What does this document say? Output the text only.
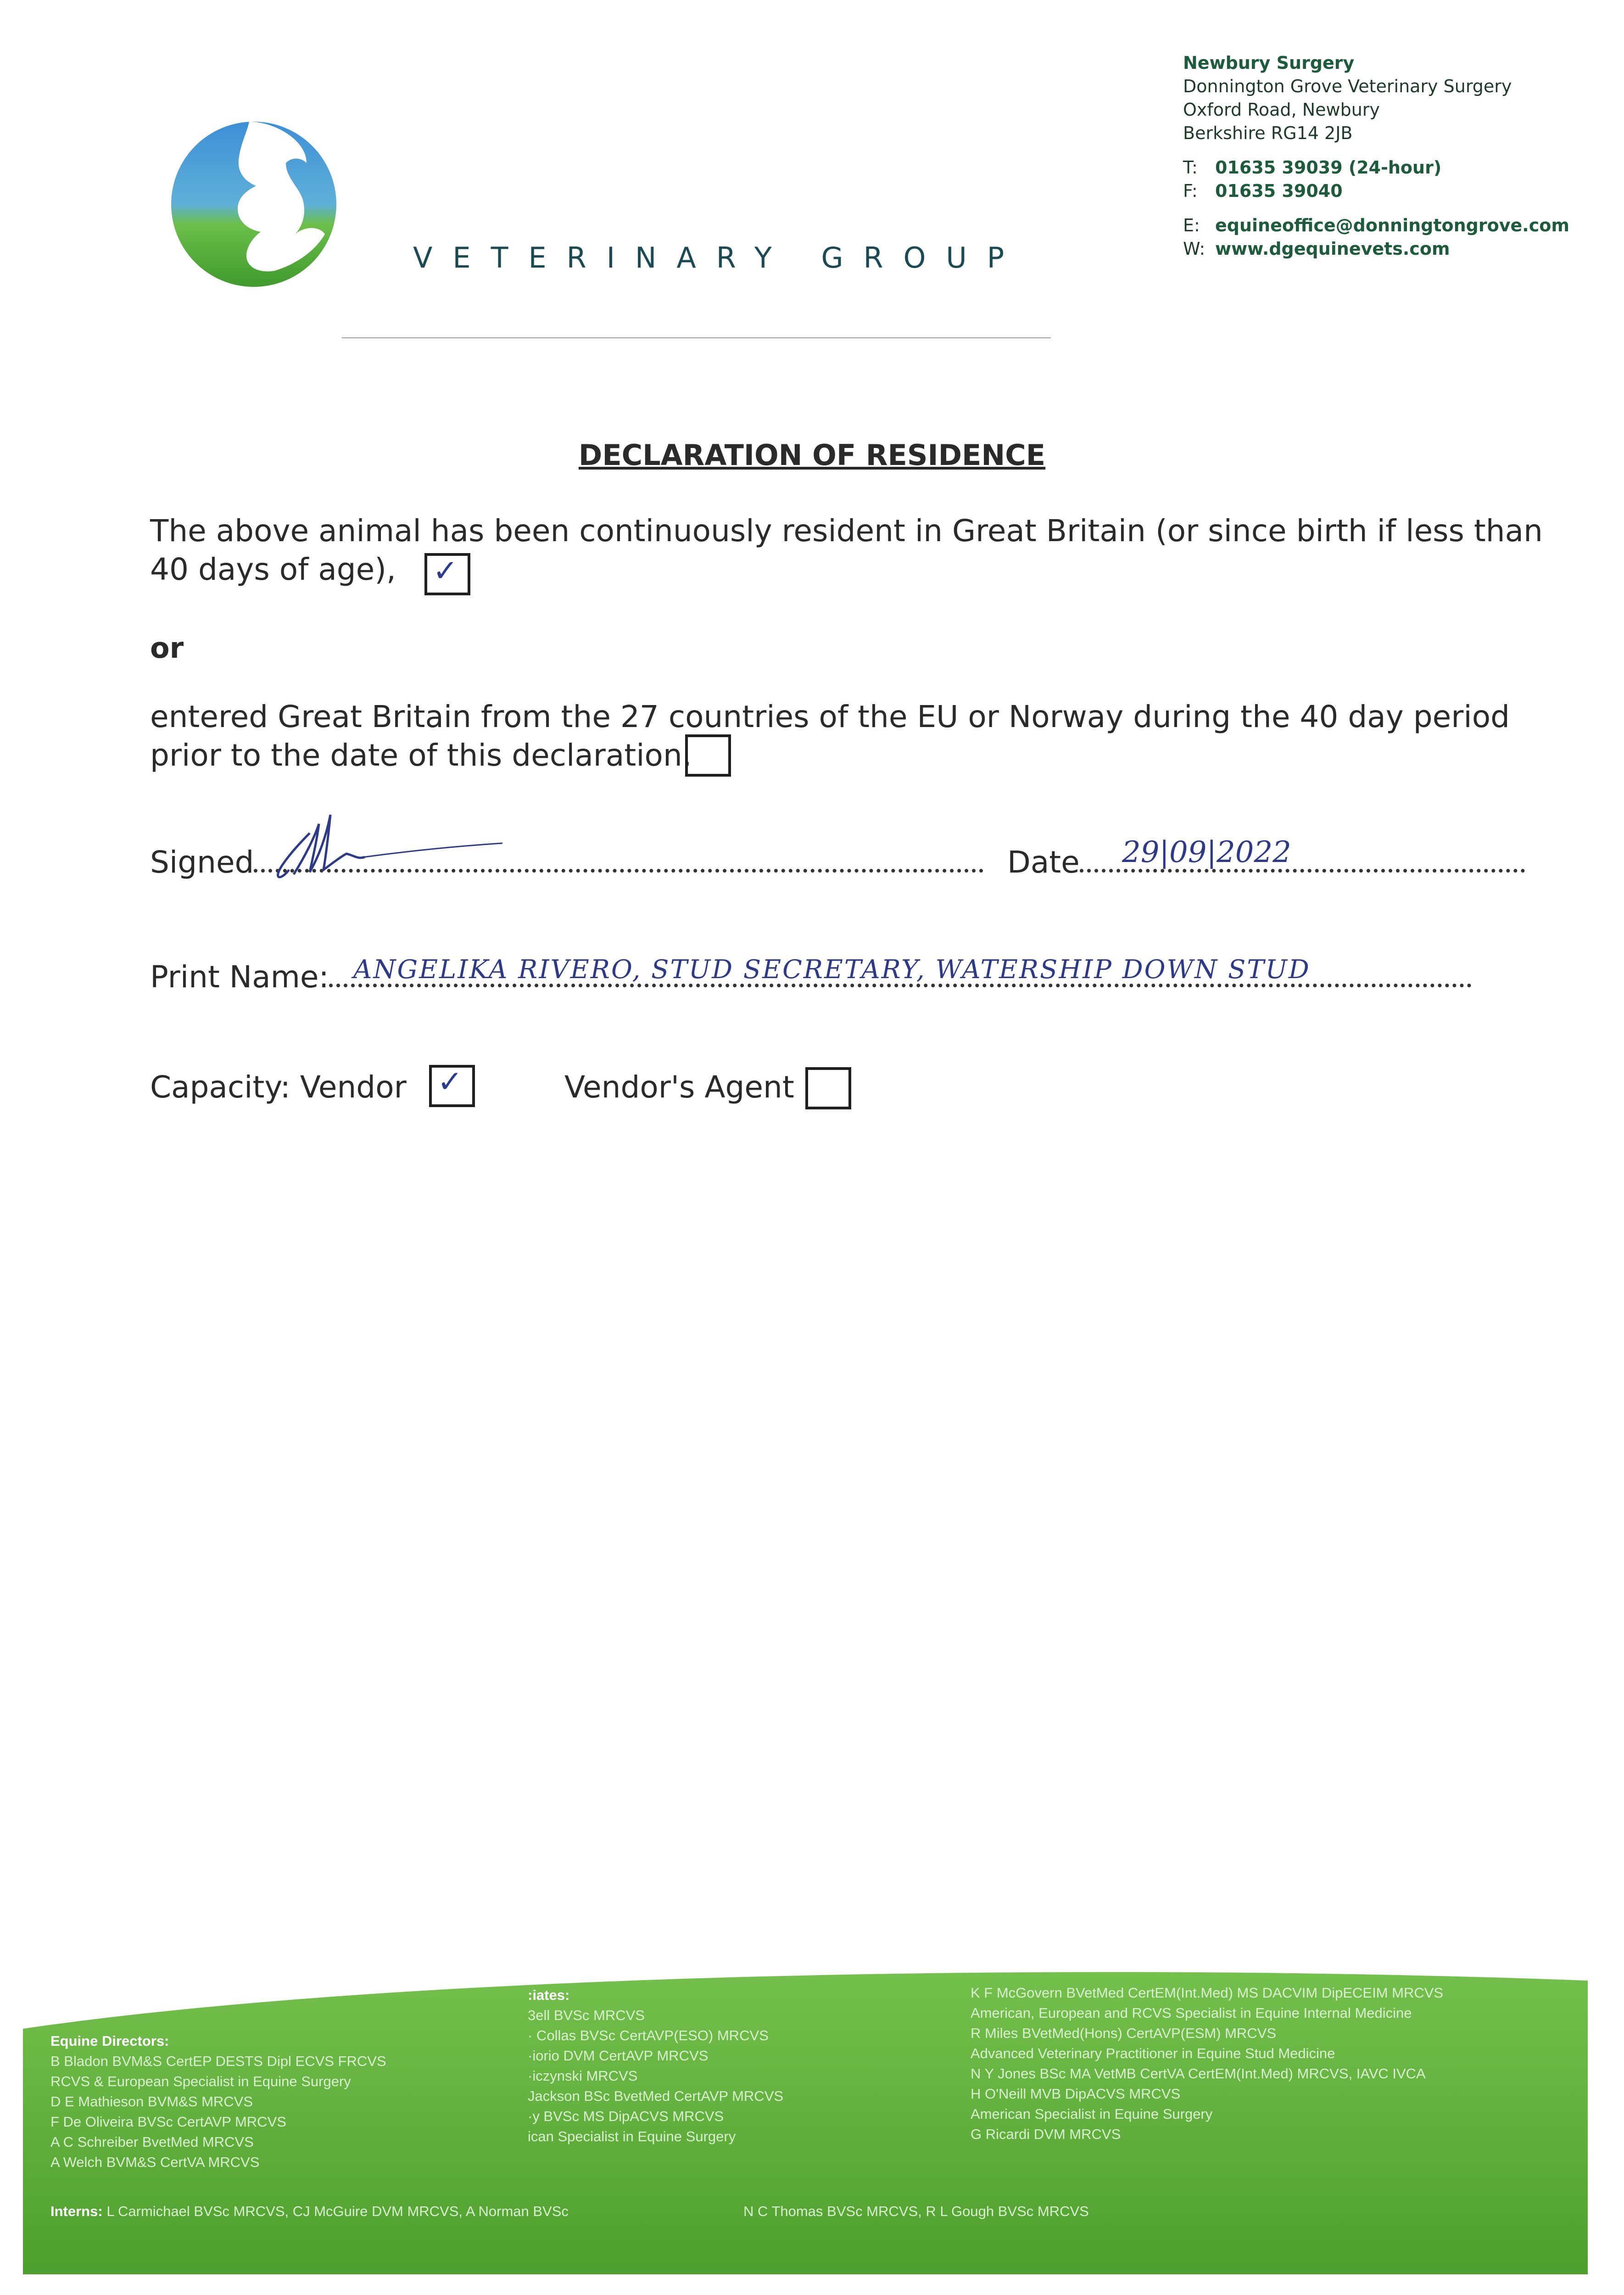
VETERINARY GROUP
Newbury Surgery
Donnington Grove Veterinary Surgery
Oxford Road, Newbury
Berkshire RG14 2JB
T: 01635 39039 (24-hour)
F: 01635 39040
E: equineoffice@donningtongrove.com
W: www.dgequinevets.com
DECLARATION OF RESIDENCE
The above animal has been continuously resident in Great Britain (or since birth if less than
40 days of age), ✓
or
entered Great Britain from the 27 countries of the EU or Norway during the 40 day period
prior to the date of this declaration.
Signed	Date	29|09|2022
Print Name: ANGELIKA RIVERO, STUD SECRETARY, WATERSHIP DOWN STUD
Capacity: Vendor ✓	Vendor's Agent
Equine Directors:
B Bladon BVM&S CertEP DESTS Dipl ECVS FRCVS
RCVS & European Specialist in Equine Surgery
D E Mathieson BVM&S MRCVS
F De Oliveira BVSc CertAVP MRCVS
A C Schreiber BvetMed MRCVS
A Welch BVM&S CertVA MRCVS
:iates:
3ell BVSc MRCVS
· Collas BVSc CertAVP(ESO) MRCVS
·iorio DVM CertAVP MRCVS
·iczynski MRCVS
Jackson BSc BvetMed CertAVP MRCVS
·y BVSc MS DipACVS MRCVS
ican Specialist in Equine Surgery
K F McGovern BVetMed CertEM(Int.Med) MS DACVIM DipECEIM MRCVS
American, European and RCVS Specialist in Equine Internal Medicine
R Miles BVetMed(Hons) CertAVP(ESM) MRCVS
Advanced Veterinary Practitioner in Equine Stud Medicine
N Y Jones BSc MA VetMB CertVA CertEM(Int.Med) MRCVS, IAVC IVCA
H O'Neill MVB DipACVS MRCVS
American Specialist in Equine Surgery
G Ricardi DVM MRCVS
Interns: L Carmichael BVSc MRCVS, CJ McGuire DVM MRCVS, A Norman BVSc	N C Thomas BVSc MRCVS, R L Gough BVSc MRCVS
